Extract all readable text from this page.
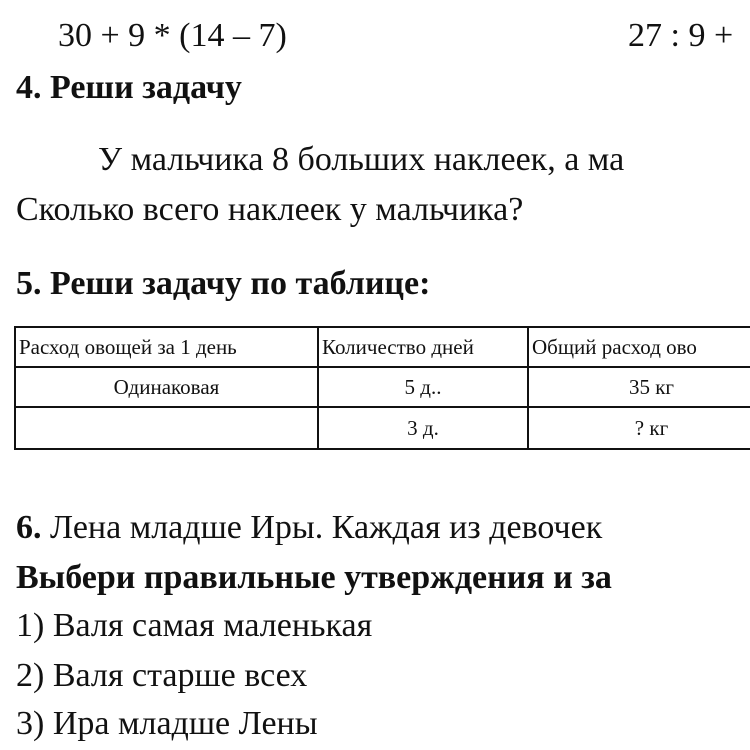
30 + 9 * (14 – 7)	27 : 9 +
4. Реши задачу
У мальчика 8 больших наклеек, а ма
Сколько всего наклеек у мальчика?
5. Реши задачу по таблице:
Расход овощей за 1 день	Количество дней	Общий расход ово
Одинаковая	5 д..	35 кг
	3 д.	? кг
6. Лена младше Иры. Каждая из девочек
Выбери правильные утверждения и за
1) Валя самая маленькая
2) Валя старше всех
3) Ира младше Лены
